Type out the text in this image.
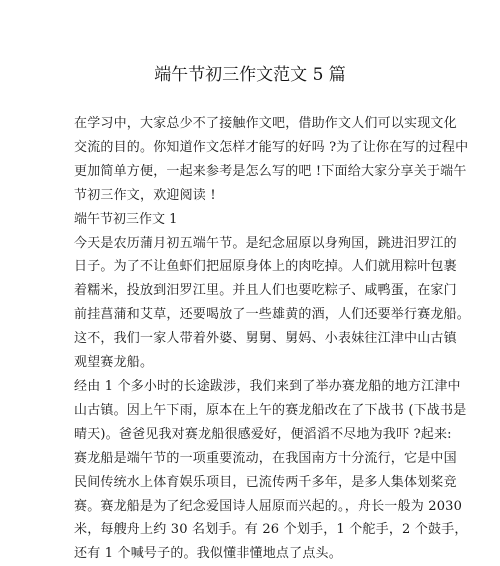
端午节初三作文范文 5 篇
在学习中，大家总少不了接触作文吧，借助作文人们可以实现文化
交流的目的。你知道作文怎样才能写的好吗 ?为了让你在写的过程中
更加简单方便，一起来参考是怎么写的吧 !下面给大家分享关于端午
节初三作文，欢迎阅读 !
端午节初三作文 1
今天是农历蒲月初五端午节。是纪念屈原以身殉国，跳进汨罗江的
日子。为了不让鱼虾们把屈原身体上的肉吃掉。人们就用粽叶包裹
着糯米，投放到汨罗江里。并且人们也要吃粽子、咸鸭蛋，在家门
前挂菖蒲和艾草，还要喝放了一些雄黄的酒，人们还要举行赛龙船。
这不，我们一家人带着外婆、舅舅、舅妈、小表妹往江津中山古镇
观望赛龙船。
经由 1 个多小时的长途跋涉，我们来到了举办赛龙船的地方江津中
山古镇。因上午下雨，原本在上午的赛龙船改在了下战书 (下战书是
晴天)。爸爸见我对赛龙船很感爱好，便滔滔不尽地为我吓 ?起来:
赛龙船是端午节的一项重要流动，在我国南方十分流行，它是中国
民间传统水上体育娱乐项目，已流传两千多年，是多人集体划桨竞
赛。赛龙船是为了纪念爱国诗人屈原而兴起的。，舟长一般为 2030
米，每艘舟上约 30 名划手。有 26 个划手，1 个舵手，2 个鼓手，
还有 1 个喊号子的。我似懂非懂地点了点头。
